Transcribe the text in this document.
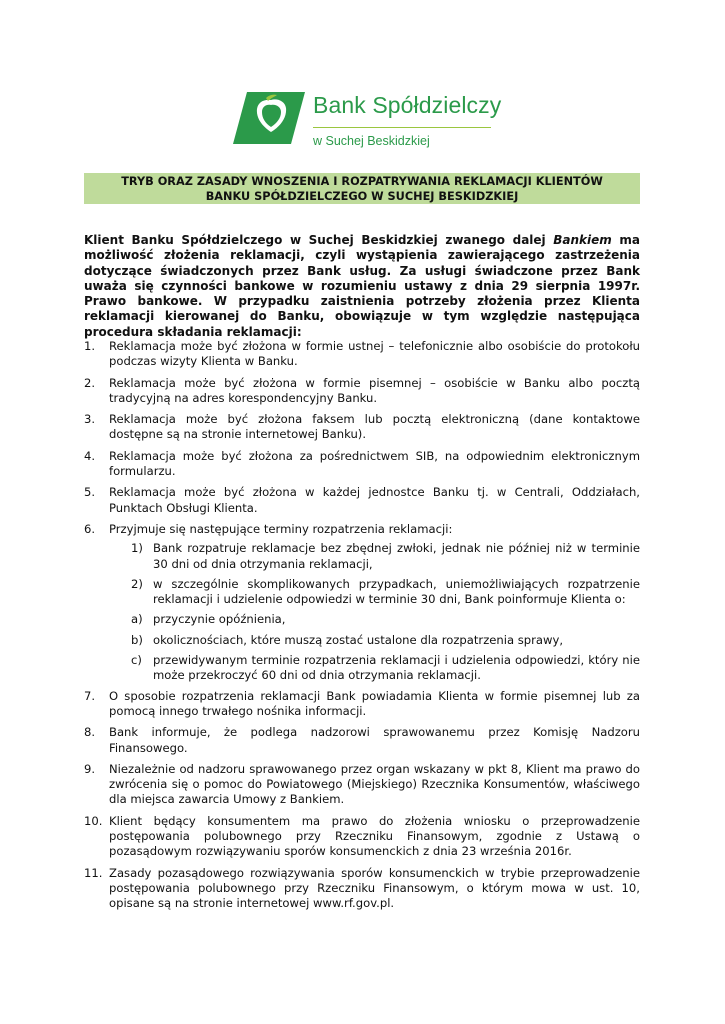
Bank Spółdzielczy
w Suchej Beskidzkiej
TRYB ORAZ ZASADY WNOSZENIA I ROZPATRYWANIA REKLAMACJI KLIENTÓW
BANKU SPÓŁDZIELCZEGO W SUCHEJ BESKIDZKIEJ
Klient Banku Spółdzielczego w Suchej Beskidzkiej zwanego dalej Bankiem ma możliwość złożenia reklamacji, czyli wystąpienia zawierającego zastrzeżenia dotyczące świadczonych przez Bank usług. Za usługi świadczone przez Bank uważa się czynności bankowe w rozumieniu ustawy z dnia 29 sierpnia 1997r. Prawo bankowe. W przypadku zaistnienia potrzeby złożenia przez Klienta reklamacji kierowanej do Banku, obowiązuje w tym względzie następująca procedura składania reklamacji:
1. Reklamacja może być złożona w formie ustnej – telefonicznie albo osobiście do protokołu podczas wizyty Klienta w Banku.
2. Reklamacja może być złożona w formie pisemnej – osobiście w Banku albo pocztą tradycyjną na adres korespondencyjny Banku.
3. Reklamacja może być złożona faksem lub pocztą elektroniczną (dane kontaktowe dostępne są na stronie internetowej Banku).
4. Reklamacja może być złożona za pośrednictwem SIB, na odpowiednim elektronicznym formularzu.
5. Reklamacja może być złożona w każdej jednostce Banku tj. w Centrali, Oddziałach, Punktach Obsługi Klienta.
6. Przyjmuje się następujące terminy rozpatrzenia reklamacji:
1) Bank rozpatruje reklamacje bez zbędnej zwłoki, jednak nie później niż w terminie 30 dni od dnia otrzymania reklamacji,
2) w szczególnie skomplikowanych przypadkach, uniemożliwiających rozpatrzenie reklamacji i udzielenie odpowiedzi w terminie 30 dni, Bank poinformuje Klienta o:
a) przyczynie opóźnienia,
b) okolicznościach, które muszą zostać ustalone dla rozpatrzenia sprawy,
c) przewidywanym terminie rozpatrzenia reklamacji i udzielenia odpowiedzi, który nie może przekroczyć 60 dni od dnia otrzymania reklamacji.
7. O sposobie rozpatrzenia reklamacji Bank powiadamia Klienta w formie pisemnej lub za pomocą innego trwałego nośnika informacji.
8. Bank informuje, że podlega nadzorowi sprawowanemu przez Komisję Nadzoru Finansowego.
9. Niezależnie od nadzoru sprawowanego przez organ wskazany w pkt 8, Klient ma prawo do zwrócenia się o pomoc do Powiatowego (Miejskiego) Rzecznika Konsumentów, właściwego dla miejsca zawarcia Umowy z Bankiem.
10. Klient będący konsumentem ma prawo do złożenia wniosku o przeprowadzenie postępowania polubownego przy Rzeczniku Finansowym, zgodnie z Ustawą o pozasądowym rozwiązywaniu sporów konsumenckich z dnia 23 września 2016r.
11. Zasady pozasądowego rozwiązywania sporów konsumenckich w trybie przeprowadzenie postępowania polubownego przy Rzeczniku Finansowym, o którym mowa w ust. 10, opisane są na stronie internetowej www.rf.gov.pl.
